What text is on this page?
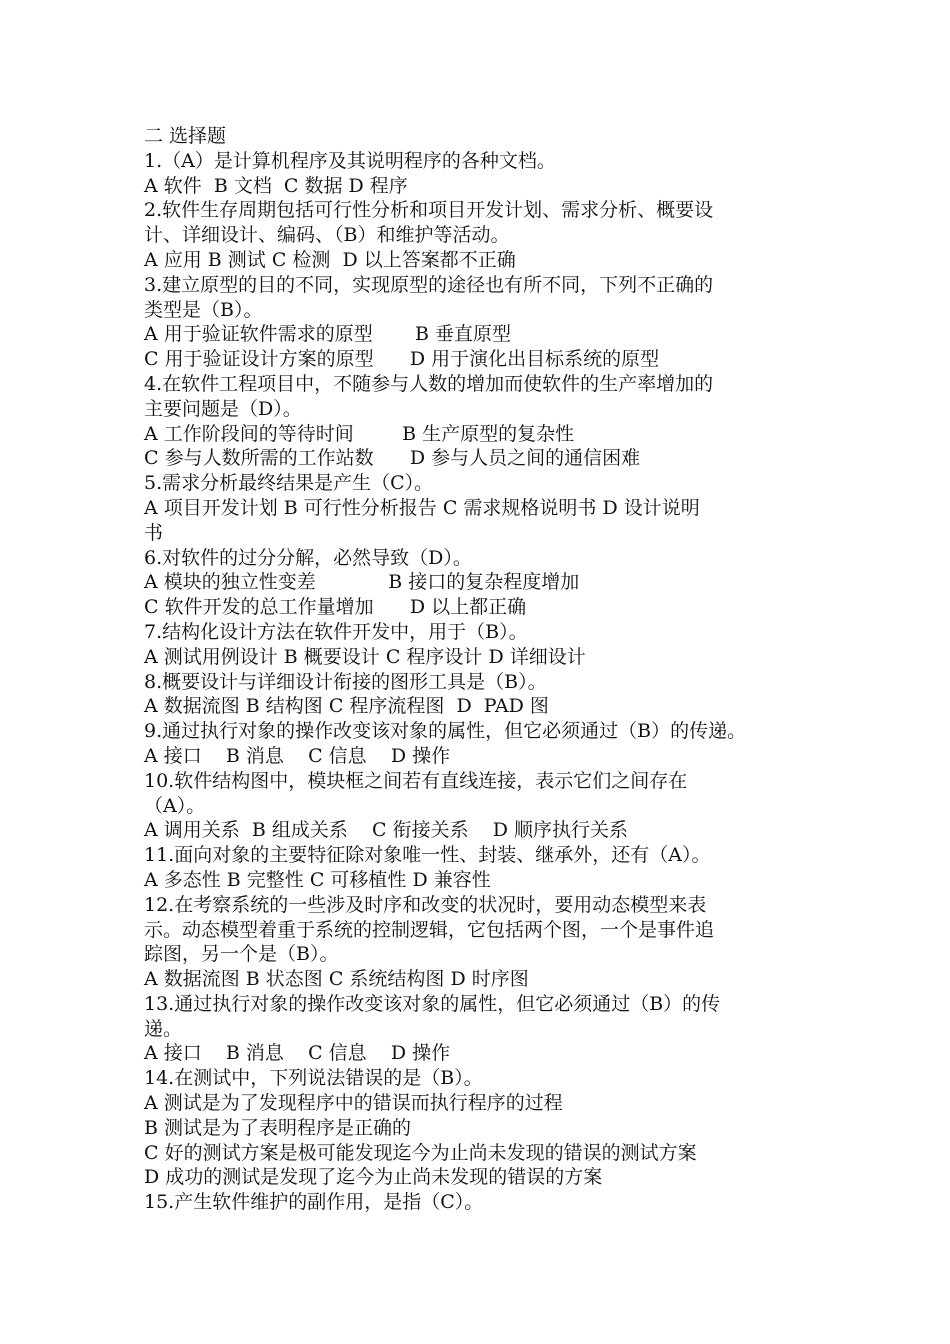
二 选择题
1.（A）是计算机程序及其说明程序的各种文档。
A 软件  B 文档  C 数据 D 程序
2.软件生存周期包括可行性分析和项目开发计划、需求分析、概要设
计、详细设计、编码、（B）和维护等活动。
A 应用 B 测试 C 检测  D 以上答案都不正确
3.建立原型的目的不同，实现原型的途径也有所不同，下列不正确的
类型是（B）。
A 用于验证软件需求的原型       B 垂直原型
C 用于验证设计方案的原型      D 用于演化出目标系统的原型
4.在软件工程项目中，不随参与人数的增加而使软件的生产率增加的
主要问题是（D）。
A 工作阶段间的等待时间        B 生产原型的复杂性
C 参与人数所需的工作站数      D 参与人员之间的通信困难
5.需求分析最终结果是产生（C）。
A 项目开发计划 B 可行性分析报告 C 需求规格说明书 D 设计说明
书
6.对软件的过分分解，必然导致（D）。
A 模块的独立性变差            B 接口的复杂程度增加
C 软件开发的总工作量增加      D 以上都正确
7.结构化设计方法在软件开发中，用于（B）。
A 测试用例设计 B 概要设计 C 程序设计 D 详细设计
8.概要设计与详细设计衔接的图形工具是（B）。
A 数据流图 B 结构图 C 程序流程图  D  PAD 图
9.通过执行对象的操作改变该对象的属性，但它必须通过（B）的传递。
A 接口    B 消息    C 信息    D 操作
10.软件结构图中，模块框之间若有直线连接，表示它们之间存在
（A）。
A 调用关系  B 组成关系    C 衔接关系    D 顺序执行关系
11.面向对象的主要特征除对象唯一性、封装、继承外，还有（A）。
A 多态性 B 完整性 C 可移植性 D 兼容性
12.在考察系统的一些涉及时序和改变的状况时，要用动态模型来表
示。动态模型着重于系统的控制逻辑，它包括两个图，一个是事件追
踪图，另一个是（B）。
A 数据流图 B 状态图 C 系统结构图 D 时序图
13.通过执行对象的操作改变该对象的属性，但它必须通过（B）的传
递。
A 接口    B 消息    C 信息    D 操作
14.在测试中，下列说法错误的是（B）。
A 测试是为了发现程序中的错误而执行程序的过程
B 测试是为了表明程序是正确的
C 好的测试方案是极可能发现迄今为止尚未发现的错误的测试方案
D 成功的测试是发现了迄今为止尚未发现的错误的方案
15.产生软件维护的副作用，是指（C）。
